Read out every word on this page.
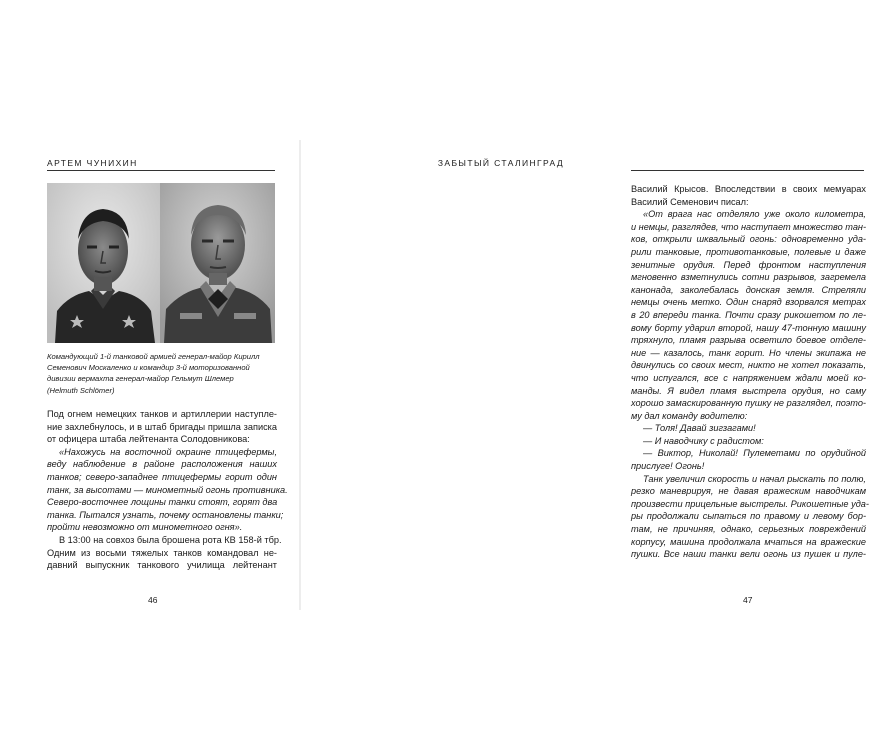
АРТЕМ ЧУНИХИН
Командующий 1-й танковой армией генерал-майор Кирилл
Семенович Москаленко и командир 3-й моторизованной
дивизии вермахта генерал-майор Гельмут Шлемер
(Helmuth Schlömer)
Под огнем немецких танков и артиллерии наступле-
ние захлебнулось, и в штаб бригады пришла записка
от офицера штаба лейтенанта Солодовникова:
«Нахожусь на восточной окраине птицефермы,
веду наблюдение в районе расположения наших
танков; северо-западнее птицефермы горит один
танк, за высотами — минометный огонь противника.
Северо-восточнее лощины танки стоят, горят два
танка. Пытался узнать, почему остановлены танки;
пройти невозможно от минометного огня».
В 13:00 на совхоз была брошена рота КВ 158-й тбр.
Одним из восьми тяжелых танков командовал не-
давний выпускник танкового училища лейтенант
46
ЗАБЫТЫЙ СТАЛИНГРАД
Василий Крысов. Впоследствии в своих мемуарах
Василий Семенович писал:
«От врага нас отделяло уже около километра,
и немцы, разглядев, что наступает множество тан-
ков, открыли шквальный огонь: одновременно уда-
рили танковые, противотанковые, полевые и даже
зенитные орудия. Перед фронтом наступления
мгновенно взметнулись сотни разрывов, загремела
канонада, заколебалась донская земля. Стреляли
немцы очень метко. Один снаряд взорвался метрах
в 20 впереди танка. Почти сразу рикошетом по ле-
вому борту ударил второй, нашу 47-тонную машину
тряхнуло, пламя разрыва осветило боевое отделе-
ние — казалось, танк горит. Но члены экипажа не
двинулись со своих мест, никто не хотел показать,
что испугался, все с напряжением ждали моей ко-
манды. Я видел пламя выстрела орудия, но саму
хорошо замаскированную пушку не разглядел, поэто-
му дал команду водителю:
— Толя! Давай зигзагами!
— И наводчику с радистом:
— Виктор, Николай! Пулеметами по орудийной
прислуге! Огонь!
Танк увеличил скорость и начал рыскать по полю,
резко маневрируя, не давая вражеским наводчикам
произвести прицельные выстрелы. Рикошетные уда-
ры продолжали сыпаться по правому и левому бор-
там, не причиняя, однако, серьезных повреждений
корпусу, машина продолжала мчаться на вражеские
пушки. Все наши танки вели огонь из пушек и пуле-
47
